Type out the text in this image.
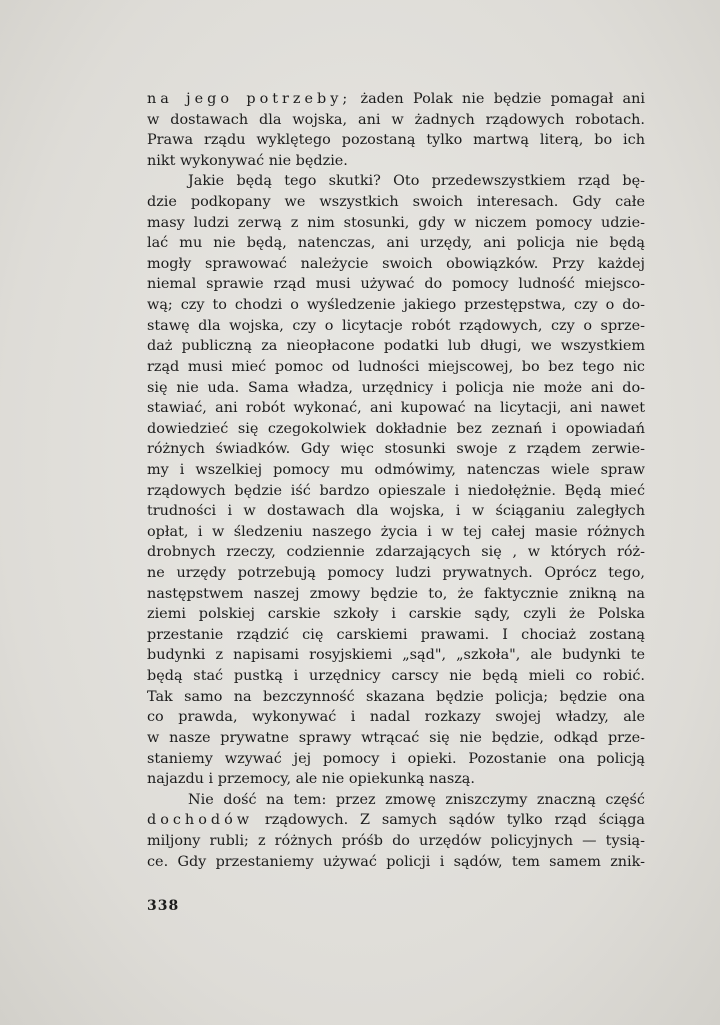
na jego potrzeby; żaden Polak nie będzie pomagał ani
w dostawach dla wojska, ani w żadnych rządowych robotach.
Prawa rządu wyklętego pozostaną tylko martwą literą, bo ich
nikt wykonywać nie będzie.
Jakie będą tego skutki? Oto przedewszystkiem rząd bę-
dzie podkopany we wszystkich swoich interesach. Gdy całe
masy ludzi zerwą z nim stosunki, gdy w niczem pomocy udzie-
lać mu nie będą, natenczas, ani urzędy, ani policja nie będą
mogły sprawować należycie swoich obowiązków. Przy każdej
niemal sprawie rząd musi używać do pomocy ludność miejsco-
wą; czy to chodzi o wyśledzenie jakiego przestępstwa, czy o do-
stawę dla wojska, czy o licytacje robót rządowych, czy o sprze-
daż publiczną za nieopłacone podatki lub długi, we wszystkiem
rząd musi mieć pomoc od ludności miejscowej, bo bez tego nic
się nie uda. Sama władza, urzędnicy i policja nie może ani do-
stawiać, ani robót wykonać, ani kupować na licytacji, ani nawet
dowiedzieć się czegokolwiek dokładnie bez zeznań i opowiadań
różnych świadków. Gdy więc stosunki swoje z rządem zerwie-
my i wszelkiej pomocy mu odmówimy, natenczas wiele spraw
rządowych będzie iść bardzo opieszale i niedołężnie. Będą mieć
trudności i w dostawach dla wojska, i w ściąganiu zaległych
opłat, i w śledzeniu naszego życia i w tej całej masie różnych
drobnych rzeczy, codziennie zdarzających się , w których róż-
ne urzędy potrzebują pomocy ludzi prywatnych. Oprócz tego,
następstwem naszej zmowy będzie to, że faktycznie znikną na
ziemi polskiej carskie szkoły i carskie sądy, czyli że Polska
przestanie rządzić cię carskiemi prawami. I chociaż zostaną
budynki z napisami rosyjskiemi „sąd", „szkoła", ale budynki te
będą stać pustką i urzędnicy carscy nie będą mieli co robić.
Tak samo na bezczynność skazana będzie policja; będzie ona
co prawda, wykonywać i nadal rozkazy swojej władzy, ale
w nasze prywatne sprawy wtrącać się nie będzie, odkąd prze-
staniemy wzywać jej pomocy i opieki. Pozostanie ona policją
najazdu i przemocy, ale nie opiekunką naszą.
Nie dość na tem: przez zmowę zniszczymy znaczną część
dochodów rządowych. Z samych sądów tylko rząd ściąga
miljony rubli; z różnych próśb do urzędów policyjnych — tysią-
ce. Gdy przestaniemy używać policji i sądów, tem samem znik-
338
